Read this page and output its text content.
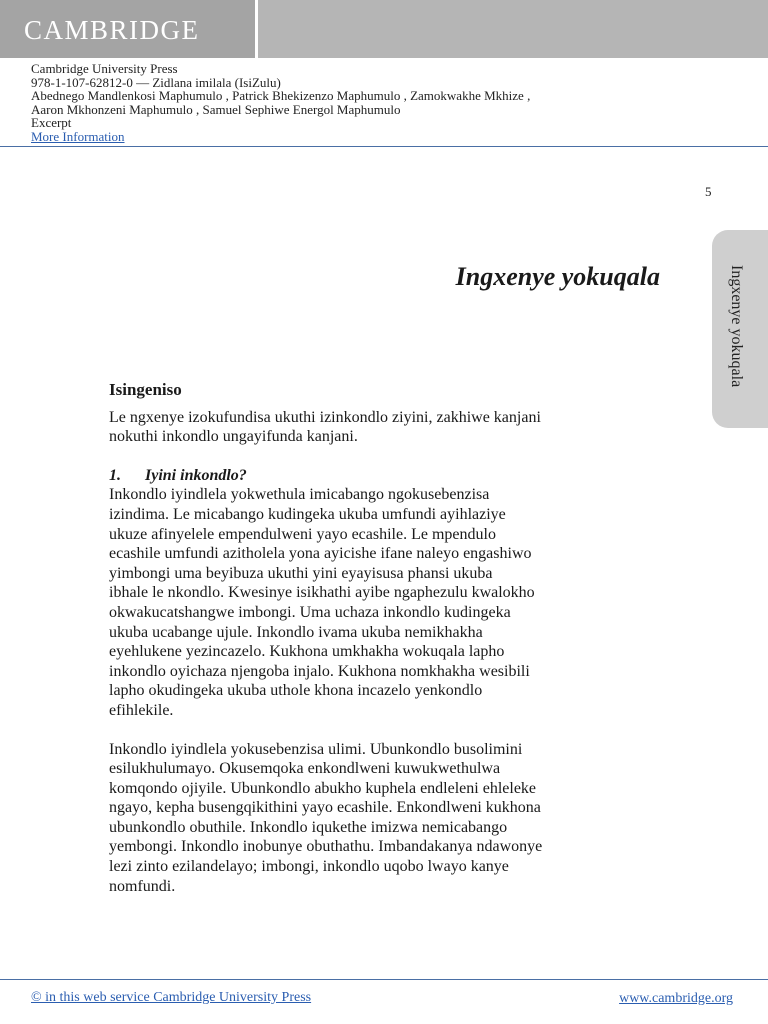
CAMBRIDGE
Cambridge University Press
978-1-107-62812-0 — Zidlana imilala (IsiZulu)
Abednego Mandlenkosi Maphumulo , Patrick Bhekizenzo Maphumulo , Zamokwakhe Mkhize ,
Aaron Mkhonzeni Maphumulo , Samuel Sephiwe Energol Maphumulo
Excerpt
More Information
5
Ingxenye yokuqala
Ingxenye yokuqala
Isingeniso
Le ngxenye izokufundisa ukuthi izinkondlo ziyini, zakhiwe kanjani
nokuthi inkondlo ungayifunda kanjani.
1. Iyini inkondlo?
Inkondlo iyindlela yokwethula imicabango ngokusebenzisa
izindima. Le micabango kudingeka ukuba umfundi ayihlaziye
ukuze afinyelele empendulweni yayo ecashile. Le mpendulo
ecashile umfundi azitholela yona ayicishe ifane naleyo engashiwo
yimbongi uma beyibuza ukuthi yini eyayisusa phansi ukuba
ibhale le nkondlo. Kwesinye isikhathi ayibe ngaphezulu kwalokho
okwakucatshangwe imbongi. Uma uchaza inkondlo kudingeka
ukuba ucabange ujule. Inkondlo ivama ukuba nemikhakha
eyehlukene yezincazelo. Kukhona umkhakha wokuqala lapho
inkondlo oyichaza njengoba injalo. Kukhona nomkhakha wesibili
lapho okudingeka ukuba uthole khona incazelo yenkondlo
efihlekile.
Inkondlo iyindlela yokusebenzisa ulimi. Ubunkondlo busolimini
esilukhulumayo. Okusemqoka enkondlweni kuwukwethulwa
komqondo ojiyile. Ubunkondlo abukho kuphela endleleni ehleleke
ngayo, kepha busengqikithini yayo ecashile. Enkondlweni kukhona
ubunkondlo obuthile. Inkondlo iqukethe imizwa nemicabango
yembongi. Inkondlo inobunye obuthathu. Imbandakanya ndawonye
lezi zinto ezilandelayo; imbongi, inkondlo uqobo lwayo kanye
nomfundi.
© in this web service Cambridge University Press	www.cambridge.org
